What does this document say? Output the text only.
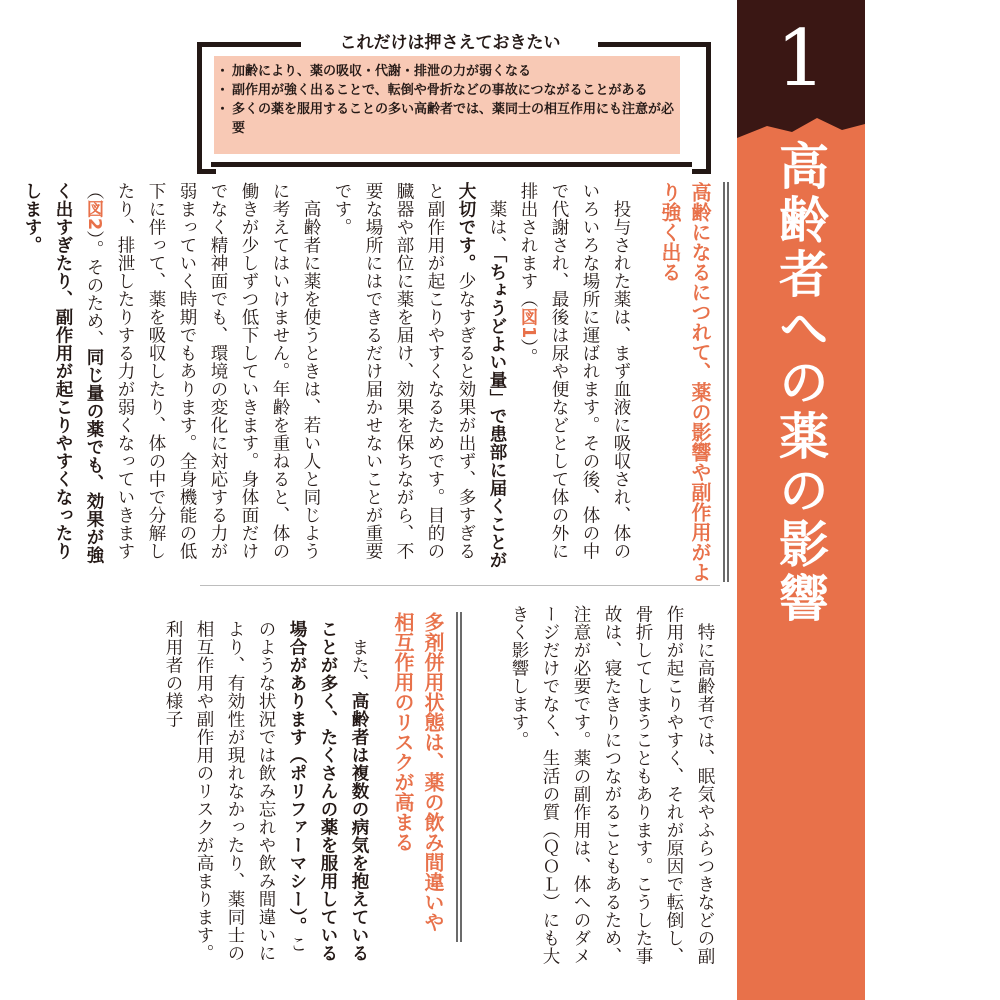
1
高齢者への薬の影響
これだけは押さえておきたい
・ 加齢により、薬の吸収・代謝・排泄の力が弱くなる
・ 副作用が強く出ることで、転倒や骨折などの事故につながることがある
・ 多くの薬を服用することの多い高齢者では、薬同士の相互作用にも注意が必要
高齢になるにつれて、薬の影響や副作用がより強く出る

投与された薬は、まず血液に吸収され、体のいろいろな場所に運ばれます。その後、体の中で代謝され、最後は尿や便などとして体の外に排出されます（図1）。

薬は、「ちょうどよい量」で患部に届くことが大切です。少なすぎると効果が出ず、多すぎると副作用が起こりやすくなるためです。目的の臓器や部位に薬を届け、効果を保ちながら、不要な場所にはできるだけ届かせないことが重要です。

高齢者に薬を使うときは、若い人と同じように考えてはいけません。年齢を重ねると、体の働きが少しずつ低下していきます。身体面だけでなく精神面でも、環境の変化に対応する力が弱まっていく時期でもあります。全身機能の低下に伴って、薬を吸収したり、体の中で分解したり、排泄したりする力が弱くなっていきます（図2）。そのため、同じ量の薬でも、効果が強く出すぎたり、副作用が起こりやすくなったりします。

特に高齢者では、眠気やふらつきなどの副作用が起こりやすく、それが原因で転倒し、骨折してしまうこともあります。こうした事故は、寝たきりにつながることもあるため、注意が必要です。薬の副作用は、体へのダメージだけでなく、生活の質（ＱＯＬ）にも大きく影響します。

多剤併用状態は、薬の飲み間違いや相互作用のリスクが高まる

また、高齢者は複数の病気を抱えていることが多く、たくさんの薬を服用している場合があります（ポリファーマシー）。このような状況では飲み忘れや飲み間違いにより、有効性が現れなかったり、薬同士の相互作用や副作用のリスクが高まります。利用者の様子
